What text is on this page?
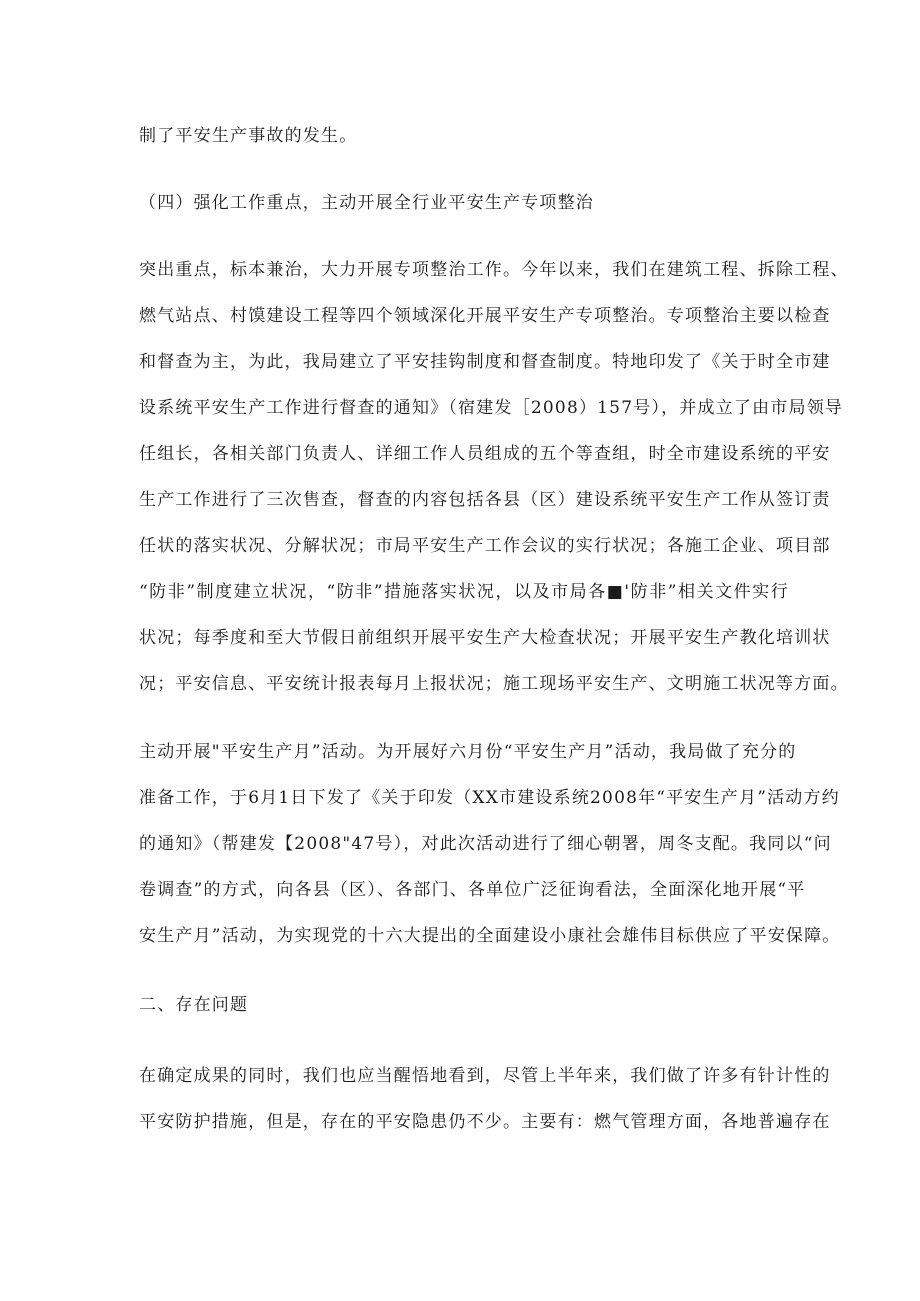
制了平安生产事故的发生。
（四）强化工作重点，主动开展全行业平安生产专项整治
突出重点，标本兼治，大力开展专项整治工作。今年以来，我们在建筑工程、拆除工程、
燃气站点、村馍建设工程等四个领域深化开展平安生产专项整治。专项整治主要以检查
和督查为主，为此，我局建立了平安挂钩制度和督查制度。特地印发了《关于时全市建
设系统平安生产工作进行督查的通知》（宿建发［2008）157号），并成立了由市局领导
任组长，各相关部门负责人、详细工作人员组成的五个等查组，时全市建设系统的平安
生产工作进行了三次售查，督查的内容包括各县（区）建设系统平安生产工作从签订责
任状的落实状况、分解状况；市局平安生产工作会议的实行状况；各施工企业、项目部
“防非”制度建立状况，“防非”措施落实状况，以及市局各■'防非”相关文件实行
状况；每季度和至大节假日前组织开展平安生产大检查状况；开展平安生产教化培训状
况；平安信息、平安统计报表每月上报状况；施工现场平安生产、文明施工状况等方面。
主动开展"平安生产月”活动。为开展好六月份“平安生产月”活动，我局做了充分的
准备工作，于6月1日下发了《关于印发（XX市建设系统2008年“平安生产月”活动方约
的通知》（帮建发【2008"47号），对此次活动进行了细心朝署，周冬支配。我同以“问
卷调查”的方式，向各县（区）、各部门、各单位广泛征询看法，全面深化地开展“平
安生产月”活动，为实现党的十六大提出的全面建设小康社会雄伟目标供应了平安保障。
二、存在问题
在确定成果的同时，我们也应当醒悟地看到，尽管上半年来，我们做了许多有针计性的
平安防护措施，但是，存在的平安隐患仍不少。主要有：燃气管理方面，各地普遍存在
